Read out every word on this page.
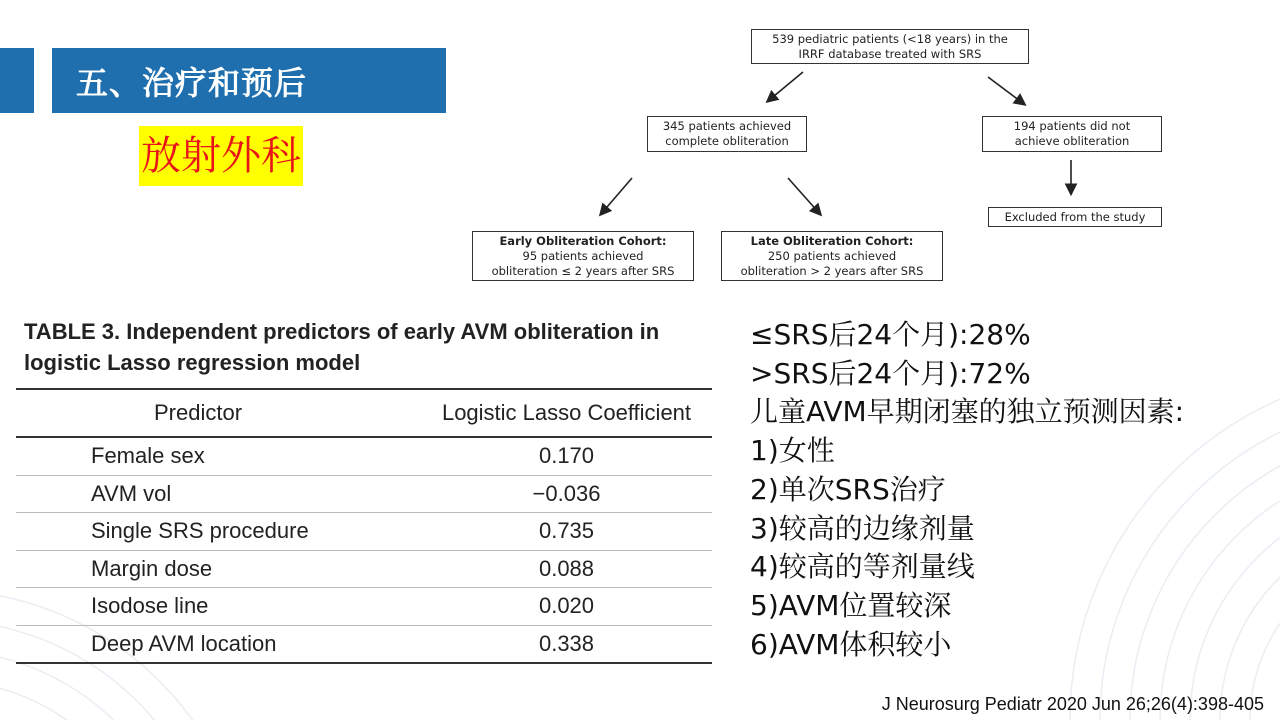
五、治疗和预后
放射外科
539 pediatric patients (<18 years) in the
IRRF database treated with SRS
345 patients achieved
complete obliteration
194 patients did not
achieve obliteration
Excluded from the study
Early Obliteration Cohort:
95 patients achieved
obliteration ≤ 2 years after SRS
Late Obliteration Cohort:
250 patients achieved
obliteration > 2 years after SRS
TABLE 3. Independent predictors of early AVM obliteration in
logistic Lasso regression model
Predictor	Logistic Lasso Coefficient
Female sex	0.170
AVM vol	−0.036
Single SRS procedure	0.735
Margin dose	0.088
Isodose line	0.020
Deep AVM location	0.338
≤SRS后24个月):28%
>SRS后24个月):72%
儿童AVM早期闭塞的独立预测因素:
1)女性
2)单次SRS治疗
3)较高的边缘剂量
4)较高的等剂量线
5)AVM位置较深
6)AVM体积较小
J Neurosurg Pediatr 2020 Jun 26;26(4):398-405
